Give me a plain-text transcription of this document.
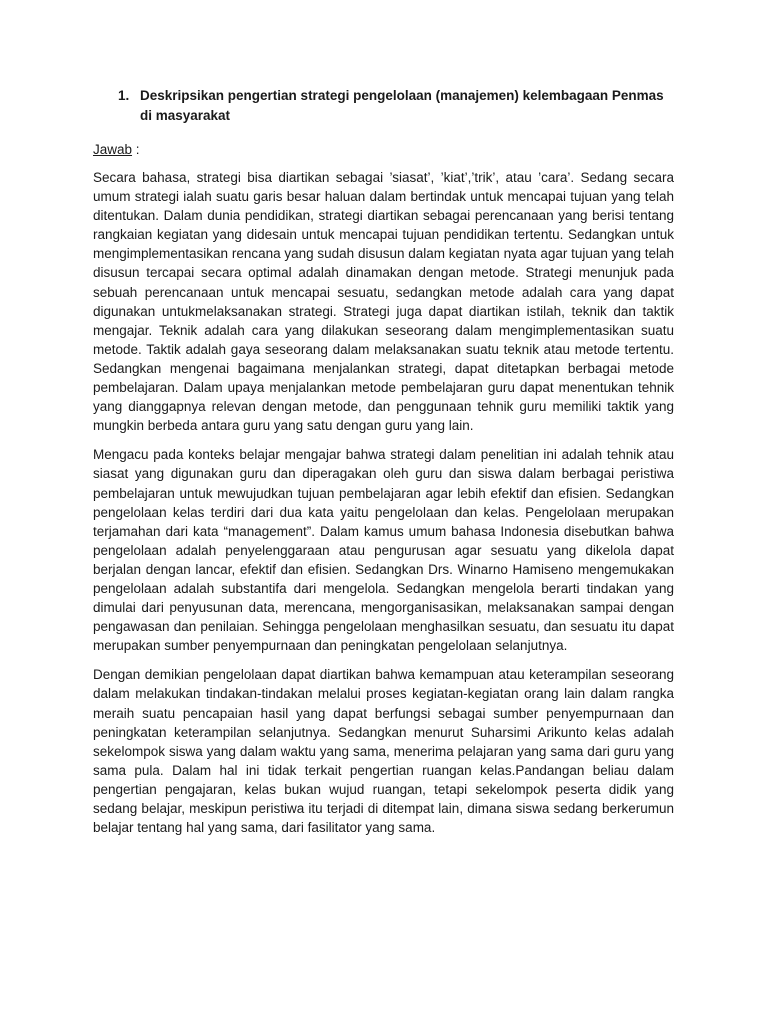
1. Deskripsikan pengertian strategi pengelolaan (manajemen) kelembagaan Penmas di masyarakat
Jawab :

Secara bahasa, strategi bisa diartikan sebagai ’siasat’, ’kiat’,’trik’, atau ’cara’. Sedang secara umum strategi ialah suatu garis besar haluan dalam bertindak untuk mencapai tujuan yang telah ditentukan. Dalam dunia pendidikan, strategi diartikan sebagai perencanaan yang berisi tentang rangkaian kegiatan yang didesain untuk mencapai tujuan pendidikan tertentu. Sedangkan untuk mengimplementasikan rencana yang sudah disusun dalam kegiatan nyata agar tujuan yang telah disusun tercapai secara optimal adalah dinamakan dengan metode. Strategi menunjuk pada sebuah perencanaan untuk mencapai sesuatu, sedangkan metode adalah cara yang dapat digunakan untukmelaksanakan strategi. Strategi juga dapat diartikan istilah, teknik dan taktik mengajar. Teknik adalah cara yang dilakukan seseorang dalam mengimplementasikan suatu metode. Taktik adalah gaya seseorang dalam melaksanakan suatu teknik atau metode tertentu. Sedangkan mengenai bagaimana menjalankan strategi, dapat ditetapkan berbagai metode pembelajaran. Dalam upaya menjalankan metode pembelajaran guru dapat menentukan tehnik yang dianggapnya relevan dengan metode, dan penggunaan tehnik guru memiliki taktik yang mungkin berbeda antara guru yang satu dengan guru yang lain.

Mengacu pada konteks belajar mengajar bahwa strategi dalam penelitian ini adalah tehnik atau siasat yang digunakan guru dan diperagakan oleh guru dan siswa dalam berbagai peristiwa pembelajaran untuk mewujudkan tujuan pembelajaran agar lebih efektif dan efisien. Sedangkan pengelolaan kelas terdiri dari dua kata yaitu pengelolaan dan kelas. Pengelolaan merupakan terjamahan dari kata “management”. Dalam kamus umum bahasa Indonesia disebutkan bahwa pengelolaan adalah penyelenggaraan atau pengurusan agar sesuatu yang dikelola dapat berjalan dengan lancar, efektif dan efisien. Sedangkan Drs. Winarno Hamiseno mengemukakan pengelolaan adalah substantifa dari mengelola. Sedangkan mengelola berarti tindakan yang dimulai dari penyusunan data, merencana, mengorganisasikan, melaksanakan sampai dengan pengawasan dan penilaian. Sehingga pengelolaan menghasilkan sesuatu, dan sesuatu itu dapat merupakan sumber penyempurnaan dan peningkatan pengelolaan selanjutnya.

Dengan demikian pengelolaan dapat diartikan bahwa kemampuan atau keterampilan seseorang dalam melakukan tindakan-tindakan melalui proses kegiatan-kegiatan orang lain dalam rangka meraih suatu pencapaian hasil yang dapat berfungsi sebagai sumber penyempurnaan dan peningkatan keterampilan selanjutnya. Sedangkan menurut Suharsimi Arikunto kelas adalah sekelompok siswa yang dalam waktu yang sama, menerima pelajaran yang sama dari guru yang sama pula. Dalam hal ini tidak terkait pengertian ruangan kelas.Pandangan beliau dalam pengertian pengajaran, kelas bukan wujud ruangan, tetapi sekelompok peserta didik yang sedang belajar, meskipun peristiwa itu terjadi di ditempat lain, dimana siswa sedang berkerumun belajar tentang hal yang sama, dari fasilitator yang sama.
